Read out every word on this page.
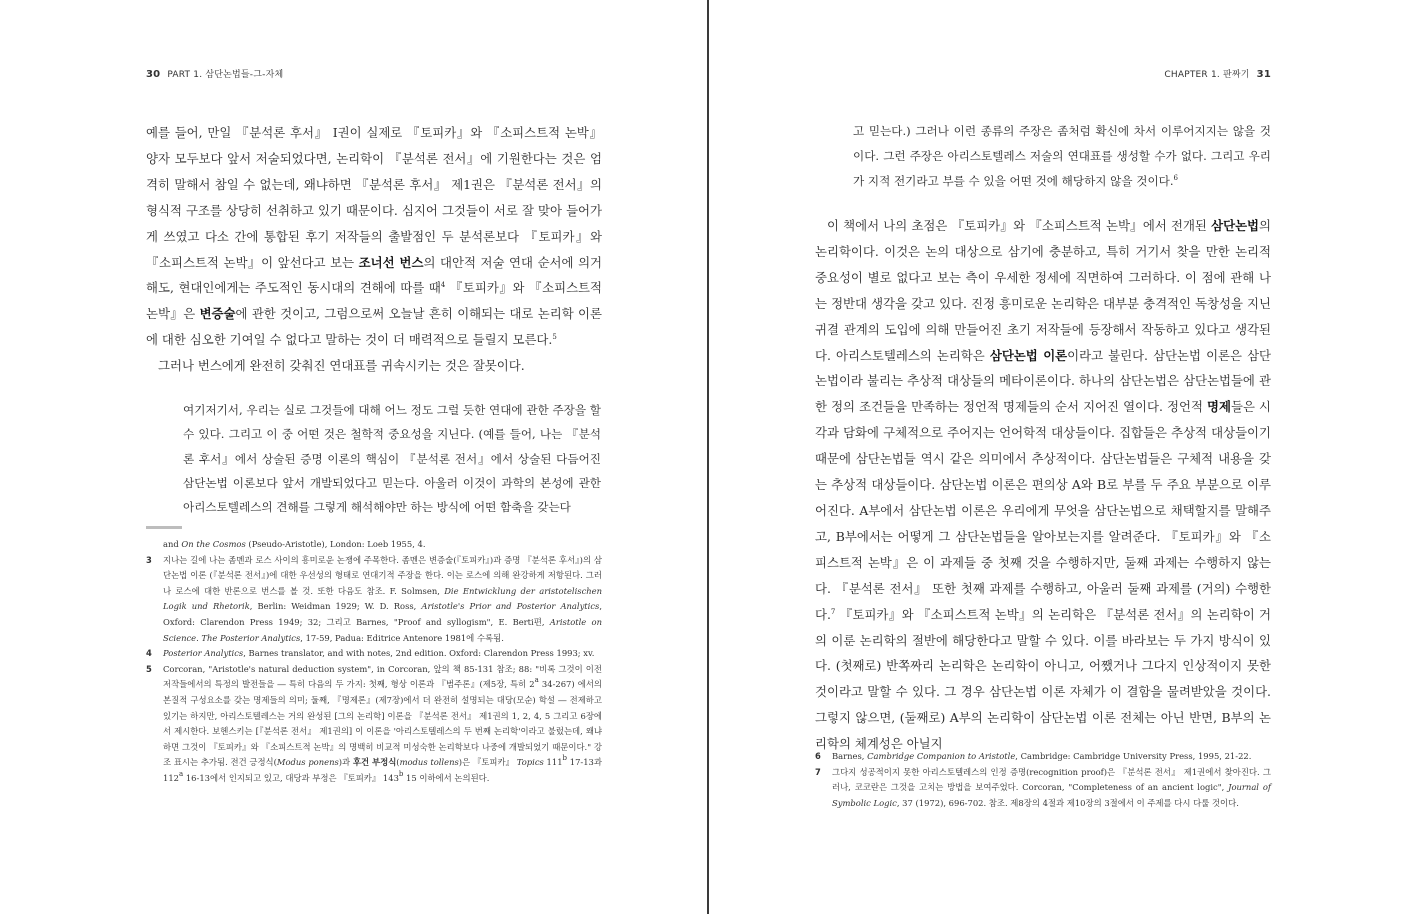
30 PART 1. 삼단논법들-그-자체

예를 들어, 만일 『분석론 후서』 I권이 실제로 『토피카』와 『소피스트적 논박』 양자 모두보다 앞서 저술되었다면, 논리학이 『분석론 전서』에 기원한다는 것은 엄격히 말해서 참일 수 없는데, 왜냐하면 『분석론 후서』 제1권은 『분석론 전서』의 형식적 구조를 상당히 선취하고 있기 때문이다. 심지어 그것들이 서로 잘 맞아 들어가게 쓰였고 다소 간에 통합된 후기 저작들의 출발점인 두 분석론보다 『토피카』와 『소피스트적 논박』이 앞선다고 보는 조너선 번스의 대안적 저술 연대 순서에 의거해도, 현대인에게는 주도적인 동시대의 견해에 따를 때$^4$ 『토피카』와 『소피스트적 논박』은 변증술에 관한 것이고, 그럼으로써 오늘날 흔히 이해되는 대로 논리학 이론에 대한 심오한 기여일 수 없다고 말하는 것이 더 매력적으로 들릴지 모른다.$^5$

그러나 번스에게 완전히 갖춰진 연대표를 귀속시키는 것은 잘못이다.

여기저기서, 우리는 실로 그것들에 대해 어느 정도 그럴 듯한 연대에 관한 주장을 할 수 있다. 그리고 이 중 어떤 것은 철학적 중요성을 지닌다. (예를 들어, 나는 『분석론 후서』에서 상술된 증명 이론의 핵심이 『분석론 전서』에서 상술된 다듬어진 삼단논법 이론보다 앞서 개발되었다고 믿는다. 아울러 이것이 과학의 본성에 관한 아리스토텔레스의 견해를 그렇게 해석해야만 하는 방식에 어떤 함축을 갖는다

and On the Cosmos (Pseudo-Aristotle), London: Loeb 1955, 4.

3 지나는 길에 나는 좀멘과 로스 사이의 흥미로운 논쟁에 주목한다. 좀멘은 변증술(『토피카』)과 증명 『분석론 후서』)의 삼단논법 이론 (『분석론 전서』)에 대한 우선성의 형태로 연대기적 주장을 한다. 이는 로스에 의해 완강하게 저항된다. 그러나 로스에 대한 반론으로 번스를 볼 것. 또한 다음도 참조. F. Solmsen, Die Entwicklung der aristotelischen Logik und Rhetorik, Berlin: Weidman 1929; W. D. Ross, Aristotle's Prior and Posterior Analytics, Oxford: Clarendon Press 1949; 32; 그리고 Barnes, "Proof and syllogism", E. Berti편, Aristotle on Science. The Posterior Analytics, 17-59, Padua: Editrice Antenore 1981에 수록됨.

4 Posterior Analytics, Barnes translator, and with notes, 2nd edition. Oxford: Clarendon Press 1993; xv.

5 Corcoran, "Aristotle's natural deduction system", in Corcoran, 앞의 책 85-131 참조; 88: "비록 그것이 이전 저작들에서의 특정의 발전들을 ― 특히 다음의 두 가지: 첫째, 형상 이론과 『범주론』(제5장, 특히 2$^a$ 34-267) 에서의 본질적 구성요소를 갖는 명제들의 의미; 둘째, 『명제론』(제7장)에서 더 완전히 설명되는 대당(모순) 학설 ― 전제하고 있기는 하지만, 아리스토텔레스는 거의 완성된 [그의 논리학] 이론을 『분석론 전서』 제1권의 1, 2, 4, 5 그리고 6장에서 제시한다. 보헨스키는 [『분석론 전서』 제1권의] 이 이론을 '아리스토텔레스의 두 번째 논리학'이라고 불렀는데, 왜냐하면 그것이 『토피카』와 『소피스트적 논박』의 명백히 비교적 미성숙한 논리학보다 나중에 개발되었기 때문이다." 강조 표시는 추가됨. 전건 긍정식(Modus ponens)과 후건 부정식(modus tollens)은 『토피카』 Topics 111$^b$ 17-13과 112$^a$ 16-13에서 인지되고 있고, 대당과 부정은 『토피카』 143$^b$ 15 이하에서 논의된다.

CHAPTER 1. 판짜기 31

고 믿는다.) 그러나 이런 종류의 주장은 좀처럼 확신에 차서 이루어지지는 않을 것이다. 그런 주장은 아리스토텔레스 저술의 연대표를 생성할 수가 없다. 그리고 우리가 지적 전기라고 부를 수 있을 어떤 것에 해당하지 않을 것이다.$^6$

이 책에서 나의 초점은 『토피카』와 『소피스트적 논박』에서 전개된 삼단논법의 논리학이다. 이것은 논의 대상으로 삼기에 충분하고, 특히 거기서 찾을 만한 논리적 중요성이 별로 없다고 보는 측이 우세한 정세에 직면하여 그러하다. 이 점에 관해 나는 정반대 생각을 갖고 있다. 진정 흥미로운 논리학은 대부분 충격적인 독창성을 지닌 귀결 관계의 도입에 의해 만들어진 초기 저작들에 등장해서 작동하고 있다고 생각된다. 아리스토텔레스의 논리학은 삼단논법 이론이라고 불린다. 삼단논법 이론은 삼단논법이라 불리는 추상적 대상들의 메타이론이다. 하나의 삼단논법은 삼단논법들에 관한 정의 조건들을 만족하는 정언적 명제들의 순서 지어진 열이다. 정언적 명제들은 시각과 담화에 구체적으로 주어지는 언어학적 대상들이다. 집합들은 추상적 대상들이기 때문에 삼단논법들 역시 같은 의미에서 추상적이다. 삼단논법들은 구체적 내용을 갖는 추상적 대상들이다. 삼단논법 이론은 편의상 A와 B로 부를 두 주요 부분으로 이루어진다. A부에서 삼단논법 이론은 우리에게 무엇을 삼단논법으로 채택할지를 말해주고, B부에서는 어떻게 그 삼단논법들을 알아보는지를 알려준다. 『토피카』와 『소피스트적 논박』은 이 과제들 중 첫째 것을 수행하지만, 둘째 과제는 수행하지 않는다. 『분석론 전서』 또한 첫째 과제를 수행하고, 아울러 둘째 과제를 (거의) 수행한다.$^7$ 『토피카』와 『소피스트적 논박』의 논리학은 『분석론 전서』의 논리학이 거의 이룬 논리학의 절반에 해당한다고 말할 수 있다. 이를 바라보는 두 가지 방식이 있다. (첫째로) 반쪽짜리 논리학은 논리학이 아니고, 어쨌거나 그다지 인상적이지 못한 것이라고 말할 수 있다. 그 경우 삼단논법 이론 자체가 이 결함을 물려받았을 것이다. 그렇지 않으면, (둘째로) A부의 논리학이 삼단논법 이론 전체는 아닌 반면, B부의 논리학의 체계성은 아닐지

6 Barnes, Cambridge Companion to Aristotle, Cambridge: Cambridge University Press, 1995, 21-22.

7 그다지 성공적이지 못한 아리스토텔레스의 인정 증명(recognition proof)은 『분석론 전서』 제1권에서 찾아진다. 그러나, 코코란은 그것을 고치는 방법을 보여주었다. Corcoran, "Completeness of an ancient logic", Journal of Symbolic Logic, 37 (1972), 696-702. 참조. 제8장의 4절과 제10장의 3절에서 이 주제를 다시 다룰 것이다.
